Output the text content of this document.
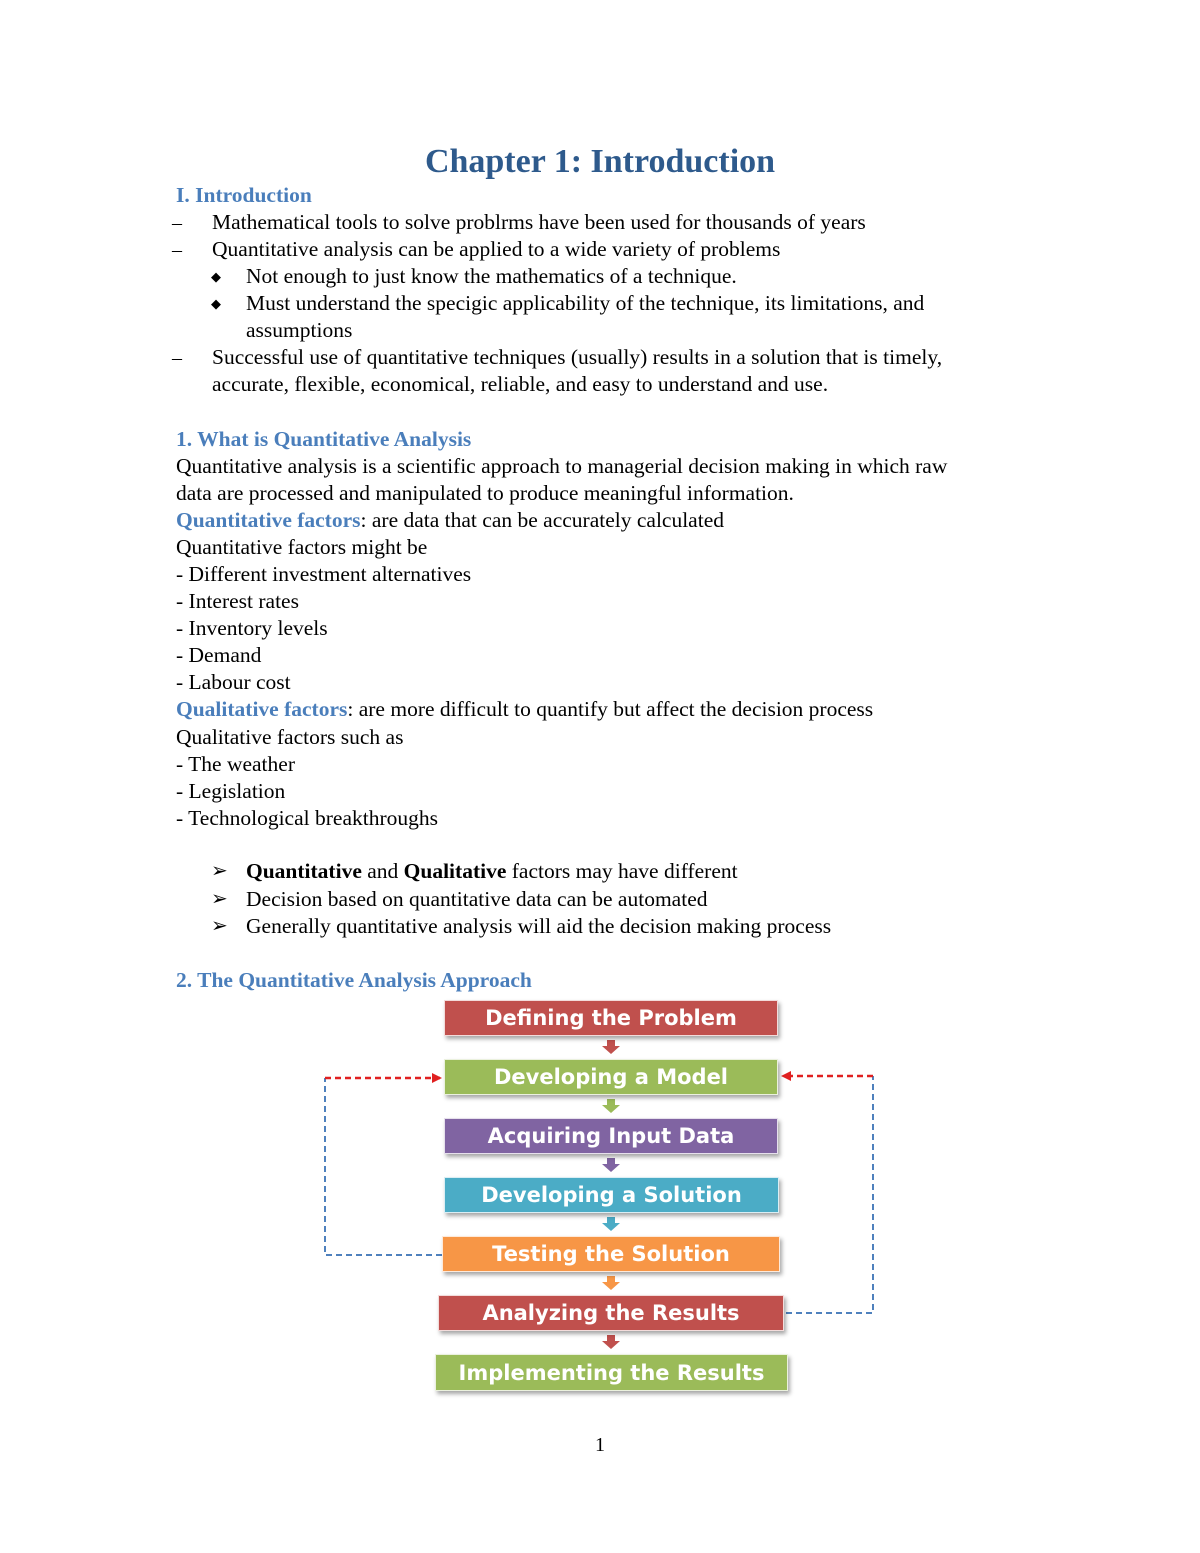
Chapter 1: Introduction
I. Introduction
– Mathematical tools to solve problrms have been used for thousands of years
– Quantitative analysis can be applied to a wide variety of problems
◆ Not enough to just know the mathematics of a technique.
◆ Must understand the specigic applicability of the technique, its limitations, and
assumptions
– Successful use of quantitative techniques (usually) results in a solution that is timely,
accurate, flexible, economical, reliable, and easy to understand and use.
1. What is Quantitative Analysis
Quantitative analysis is a scientific approach to managerial decision making in which raw
data are processed and manipulated to produce meaningful information.
Quantitative factors: are data that can be accurately calculated
Quantitative factors might be
- Different investment alternatives
- Interest rates
- Inventory levels
- Demand
- Labour cost
Qualitative factors: are more difficult to quantify but affect the decision process
Qualitative factors such as
- The weather
- Legislation
- Technological breakthroughs
➢ Quantitative and Qualitative factors may have different
➢ Decision based on quantitative data can be automated
➢ Generally quantitative analysis will aid the decision making process
2. The Quantitative Analysis Approach
Defining the Problem
Developing a Model
Acquiring Input Data
Developing a Solution
Testing the Solution
Analyzing the Results
Implementing the Results
1
